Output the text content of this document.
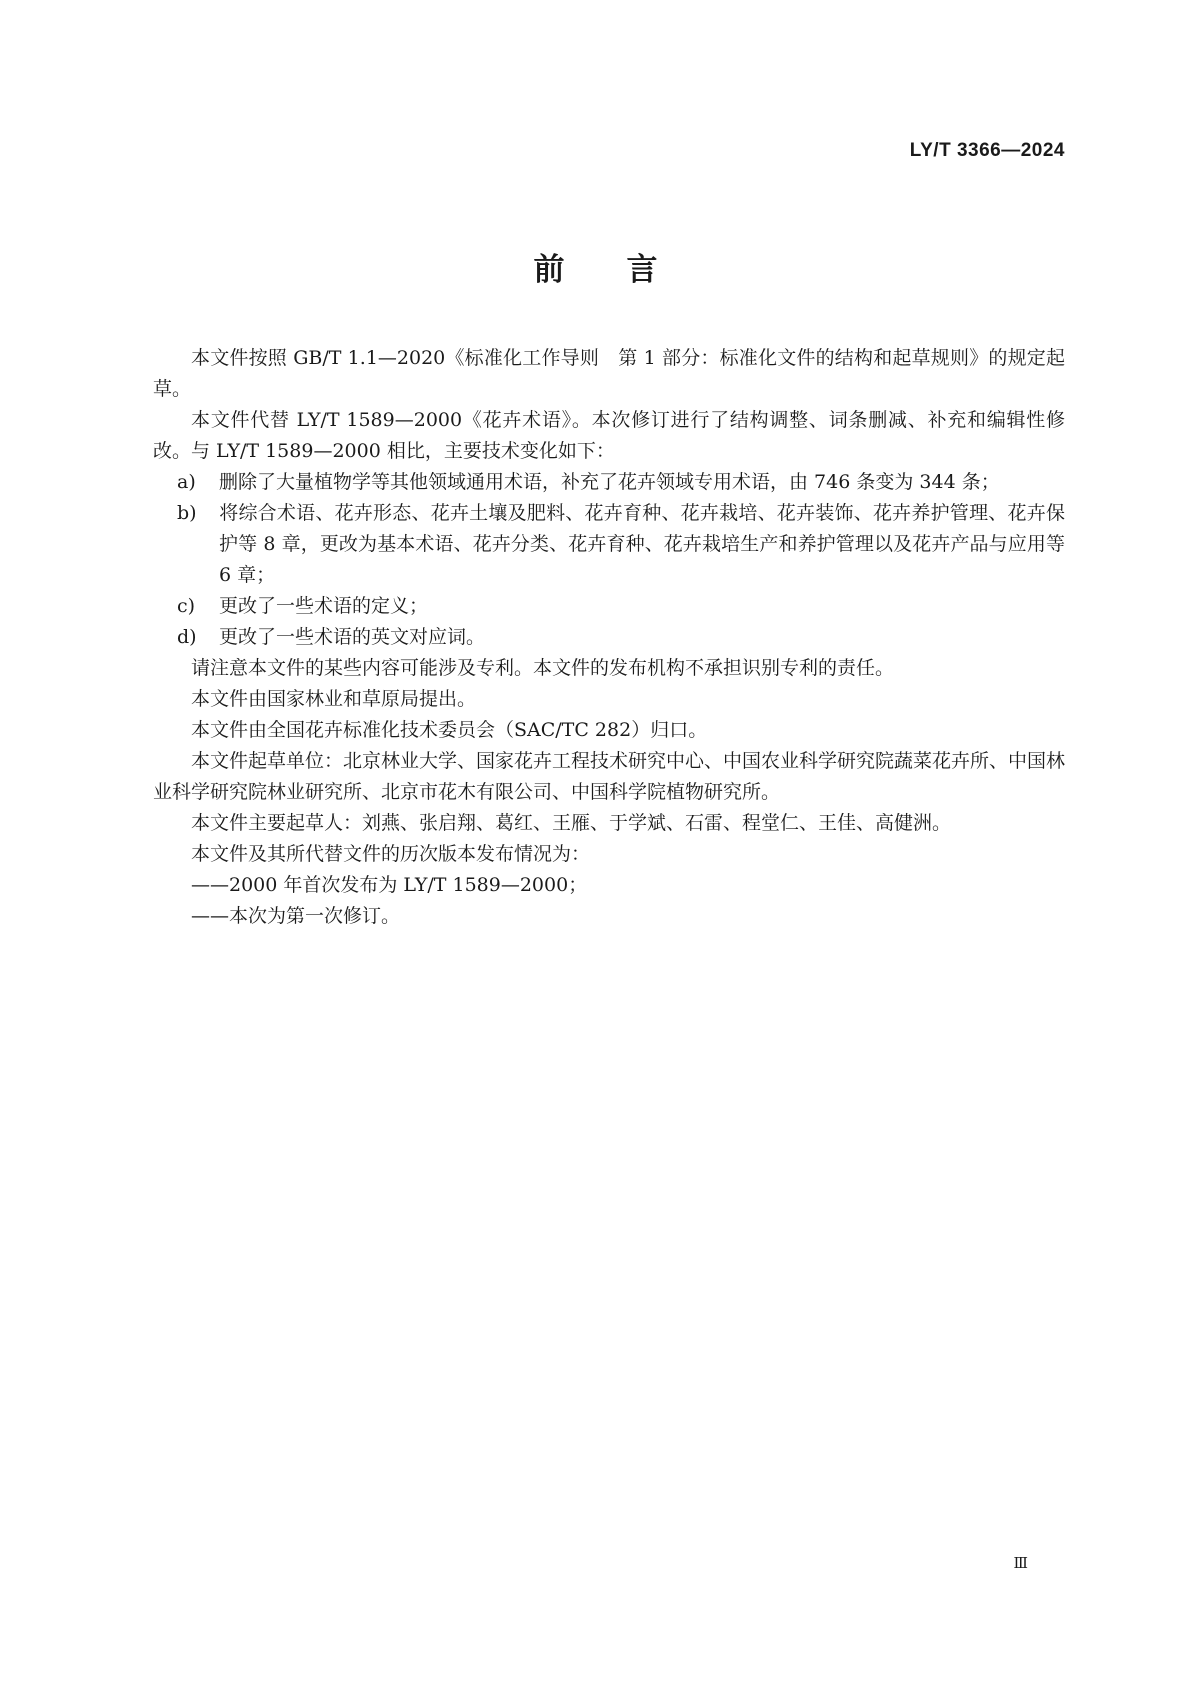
LY/T 3366—2024
前言

本文件按照 GB/T 1.1—2020《标准化工作导则　第 1 部分：标准化文件的结构和起草规则》的规定起草。

本文件代替 LY/T 1589—2000《花卉术语》。本次修订进行了结构调整、词条删减、补充和编辑性修改。与 LY/T 1589—2000 相比，主要技术变化如下：

a) 删除了大量植物学等其他领域通用术语，补充了花卉领域专用术语，由 746 条变为 344 条；

b) 将综合术语、花卉形态、花卉土壤及肥料、花卉育种、花卉栽培、花卉装饰、花卉养护管理、花卉保护等 8 章，更改为基本术语、花卉分类、花卉育种、花卉栽培生产和养护管理以及花卉产品与应用等 6 章；

c) 更改了一些术语的定义；

d) 更改了一些术语的英文对应词。

请注意本文件的某些内容可能涉及专利。本文件的发布机构不承担识别专利的责任。

本文件由国家林业和草原局提出。

本文件由全国花卉标准化技术委员会（SAC/TC 282）归口。

本文件起草单位：北京林业大学、国家花卉工程技术研究中心、中国农业科学研究院蔬菜花卉所、中国林业科学研究院林业研究所、北京市花木有限公司、中国科学院植物研究所。

本文件主要起草人：刘燕、张启翔、葛红、王雁、于学斌、石雷、程堂仁、王佳、高健洲。

本文件及其所代替文件的历次版本发布情况为：

——2000 年首次发布为 LY/T 1589—2000；

——本次为第一次修订。

Ⅲ
